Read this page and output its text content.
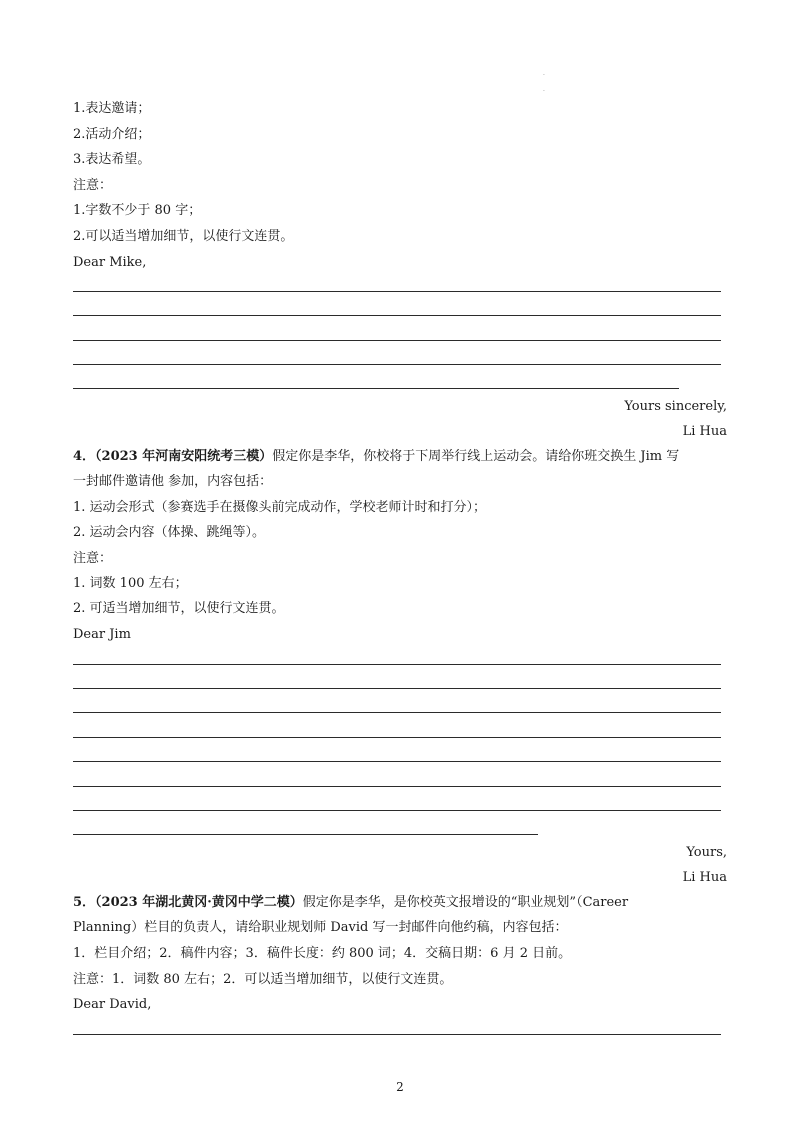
·
·
1.表达邀请；
2.活动介绍；
3.表达希望。
注意：
1.字数不少于 80 字；
2.可以适当增加细节，以使行文连贯。
Dear Mike,
Yours sincerely,
Li Hua
4．（2023 年河南安阳统考三模）假定你是李华，你校将于下周举行线上运动会。请给你班交换生 Jim 写
一封邮件邀请他 参加，内容包括：
1. 运动会形式（参赛选手在摄像头前完成动作，学校老师计时和打分）；
2. 运动会内容（体操、跳绳等）。
注意：
1. 词数 100 左右；
2. 可适当增加细节，以使行文连贯。
Dear Jim
Yours,
Li Hua
5．（2023 年湖北黄冈·黄冈中学二模）假定你是李华，是你校英文报增设的“职业规划”（Career
Planning）栏目的负责人，请给职业规划师 David 写一封邮件向他约稿，内容包括：
1．栏目介绍；2．稿件内容；3．稿件长度：约 800 词；4．交稿日期：6 月 2 日前。
注意：1．词数 80 左右；2．可以适当增加细节，以使行文连贯。
Dear David,
2
